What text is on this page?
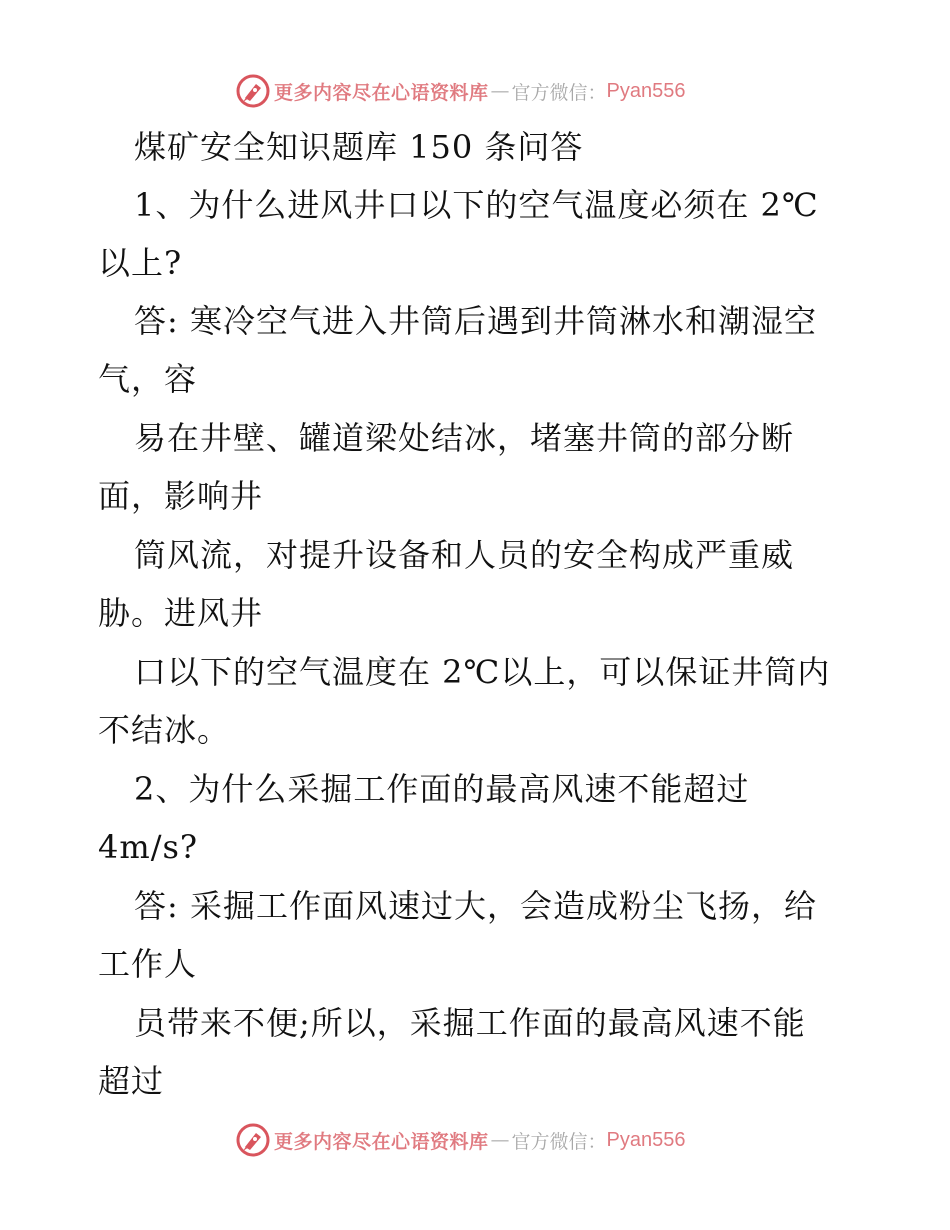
更多内容尽在心语资料库 — 官方微信： Pyan556
煤矿安全知识题库 150 条问答
1、为什么进风井口以下的空气温度必须在 2℃
以上?
答: 寒冷空气进入井筒后遇到井筒淋水和潮湿空
气，容
易在井壁、罐道梁处结冰，堵塞井筒的部分断
面，影响井
筒风流，对提升设备和人员的安全构成严重威
胁。进风井
口以下的空气温度在 2℃以上，可以保证井筒内
不结冰。
2、为什么采掘工作面的最高风速不能超过
4m/s?
答: 采掘工作面风速过大，会造成粉尘飞扬，给
工作人
员带来不便;所以，采掘工作面的最高风速不能
超过
更多内容尽在心语资料库 — 官方微信： Pyan556
